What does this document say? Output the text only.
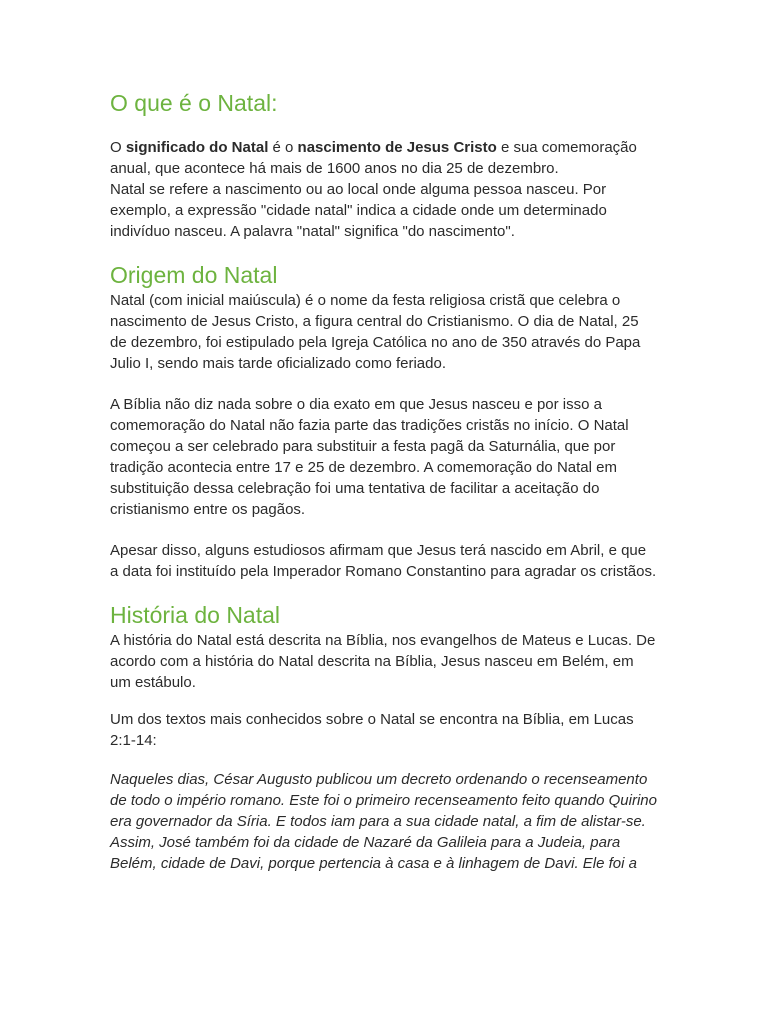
O que é o Natal:

O significado do Natal é o nascimento de Jesus Cristo e sua comemoração anual, que acontece há mais de 1600 anos no dia 25 de dezembro.

Natal se refere a nascimento ou ao local onde alguma pessoa nasceu. Por exemplo, a expressão "cidade natal" indica a cidade onde um determinado indivíduo nasceu. A palavra "natal" significa "do nascimento".

Origem do Natal

Natal (com inicial maiúscula) é o nome da festa religiosa cristã que celebra o nascimento de Jesus Cristo, a figura central do Cristianismo. O dia de Natal, 25 de dezembro, foi estipulado pela Igreja Católica no ano de 350 através do Papa Julio I, sendo mais tarde oficializado como feriado.

A Bíblia não diz nada sobre o dia exato em que Jesus nasceu e por isso a comemoração do Natal não fazia parte das tradições cristãs no início. O Natal começou a ser celebrado para substituir a festa pagã da Saturnália, que por tradição acontecia entre 17 e 25 de dezembro. A comemoração do Natal em substituição dessa celebração foi uma tentativa de facilitar a aceitação do cristianismo entre os pagãos.

Apesar disso, alguns estudiosos afirmam que Jesus terá nascido em Abril, e que a data foi instituído pela Imperador Romano Constantino para agradar os cristãos.

História do Natal

A história do Natal está descrita na Bíblia, nos evangelhos de Mateus e Lucas. De acordo com a história do Natal descrita na Bíblia, Jesus nasceu em Belém, em um estábulo.

Um dos textos mais conhecidos sobre o Natal se encontra na Bíblia, em Lucas 2:1-14:

Naqueles dias, César Augusto publicou um decreto ordenando o recenseamento de todo o império romano. Este foi o primeiro recenseamento feito quando Quirino era governador da Síria. E todos iam para a sua cidade natal, a fim de alistar-se.

Assim, José também foi da cidade de Nazaré da Galileia para a Judeia, para Belém, cidade de Davi, porque pertencia à casa e à linhagem de Davi. Ele foi a
